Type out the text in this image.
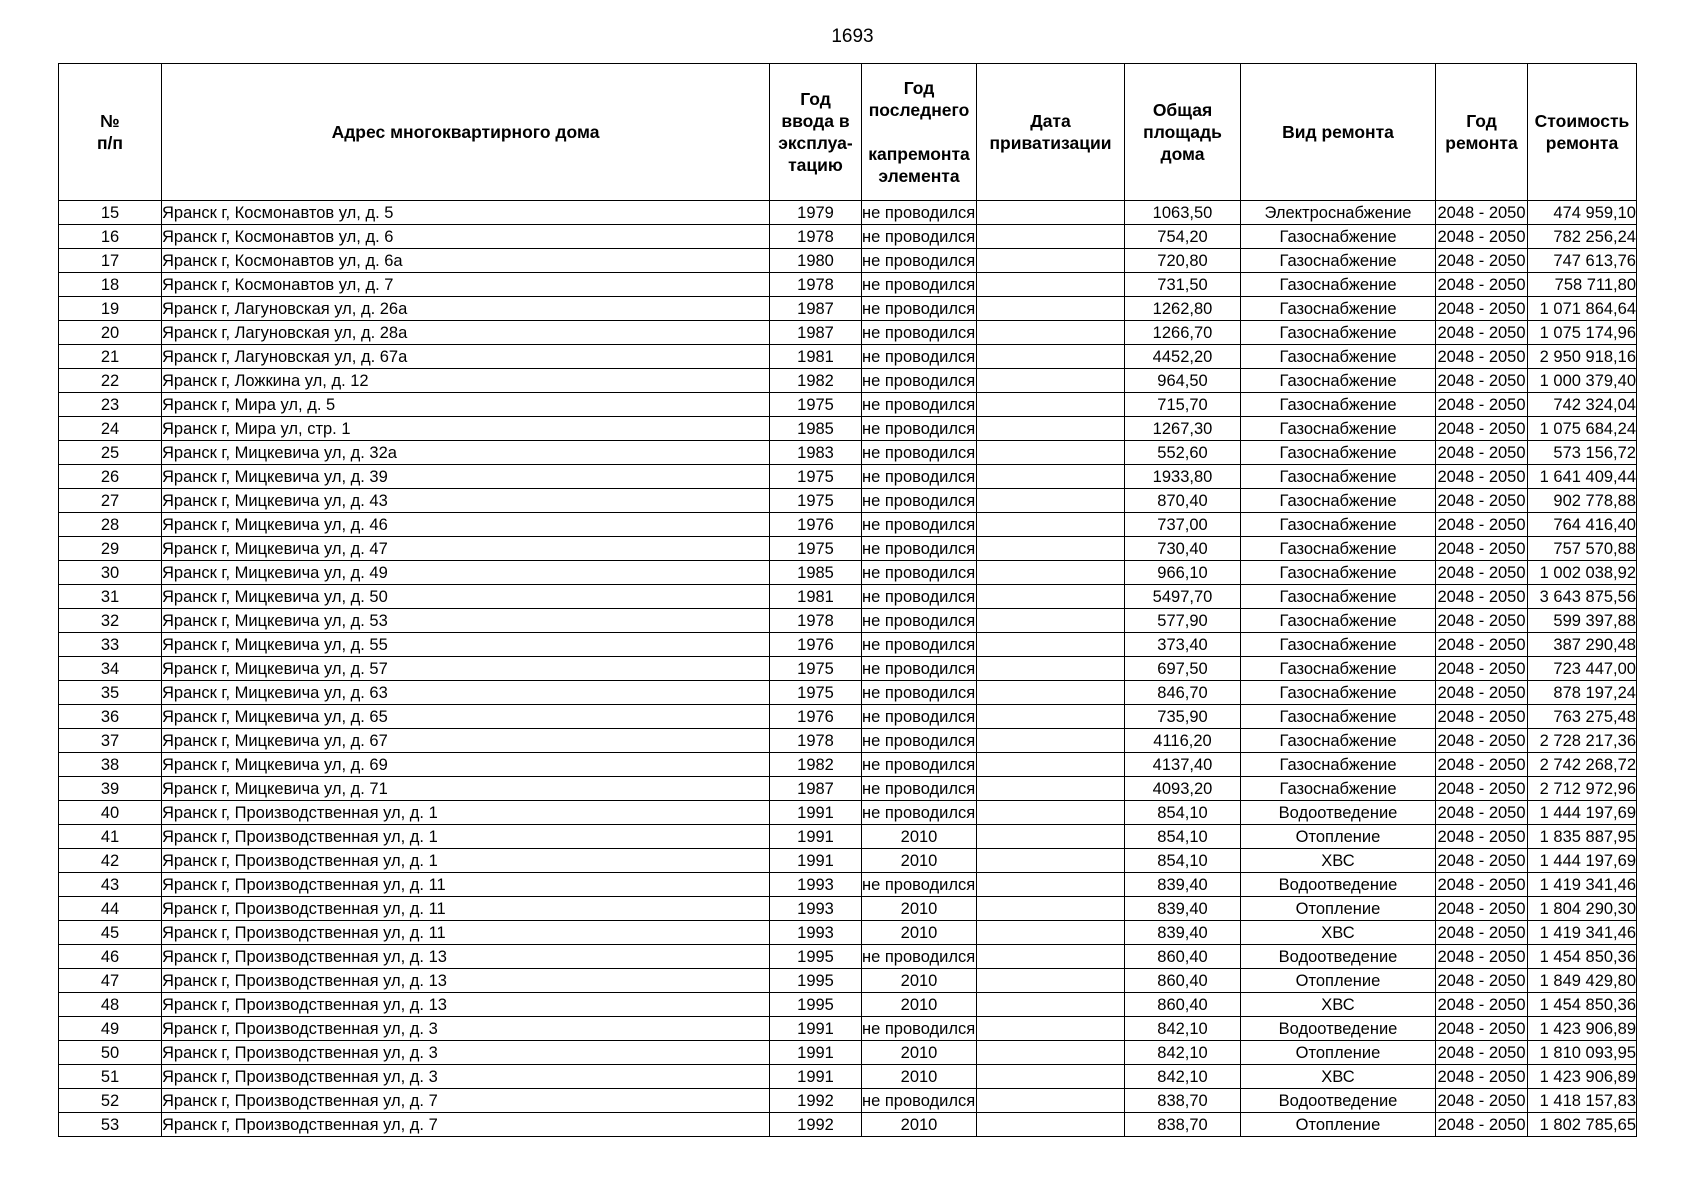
1693
№
п/п	Адрес многоквартирного дома	Год
ввода в
эксплуа-
тацию	Год
последнего

капремонта
элемента	Дата
приватизации	Общая
площадь
дома	Вид ремонта	Год
ремонта	Стоимость
ремонта
15	Яранск г, Космонавтов ул, д. 5	1979	не проводился		1063,50	Электроснабжение	2048 - 2050	474 959,10
16	Яранск г, Космонавтов ул, д. 6	1978	не проводился		754,20	Газоснабжение	2048 - 2050	782 256,24
17	Яранск г, Космонавтов ул, д. 6а	1980	не проводился		720,80	Газоснабжение	2048 - 2050	747 613,76
18	Яранск г, Космонавтов ул, д. 7	1978	не проводился		731,50	Газоснабжение	2048 - 2050	758 711,80
19	Яранск г, Лагуновская ул, д. 26а	1987	не проводился		1262,80	Газоснабжение	2048 - 2050	1 071 864,64
20	Яранск г, Лагуновская ул, д. 28а	1987	не проводился		1266,70	Газоснабжение	2048 - 2050	1 075 174,96
21	Яранск г, Лагуновская ул, д. 67а	1981	не проводился		4452,20	Газоснабжение	2048 - 2050	2 950 918,16
22	Яранск г, Ложкина ул, д. 12	1982	не проводился		964,50	Газоснабжение	2048 - 2050	1 000 379,40
23	Яранск г, Мира ул, д. 5	1975	не проводился		715,70	Газоснабжение	2048 - 2050	742 324,04
24	Яранск г, Мира ул, стр. 1	1985	не проводился		1267,30	Газоснабжение	2048 - 2050	1 075 684,24
25	Яранск г, Мицкевича ул, д. 32а	1983	не проводился		552,60	Газоснабжение	2048 - 2050	573 156,72
26	Яранск г, Мицкевича ул, д. 39	1975	не проводился		1933,80	Газоснабжение	2048 - 2050	1 641 409,44
27	Яранск г, Мицкевича ул, д. 43	1975	не проводился		870,40	Газоснабжение	2048 - 2050	902 778,88
28	Яранск г, Мицкевича ул, д. 46	1976	не проводился		737,00	Газоснабжение	2048 - 2050	764 416,40
29	Яранск г, Мицкевича ул, д. 47	1975	не проводился		730,40	Газоснабжение	2048 - 2050	757 570,88
30	Яранск г, Мицкевича ул, д. 49	1985	не проводился		966,10	Газоснабжение	2048 - 2050	1 002 038,92
31	Яранск г, Мицкевича ул, д. 50	1981	не проводился		5497,70	Газоснабжение	2048 - 2050	3 643 875,56
32	Яранск г, Мицкевича ул, д. 53	1978	не проводился		577,90	Газоснабжение	2048 - 2050	599 397,88
33	Яранск г, Мицкевича ул, д. 55	1976	не проводился		373,40	Газоснабжение	2048 - 2050	387 290,48
34	Яранск г, Мицкевича ул, д. 57	1975	не проводился		697,50	Газоснабжение	2048 - 2050	723 447,00
35	Яранск г, Мицкевича ул, д. 63	1975	не проводился		846,70	Газоснабжение	2048 - 2050	878 197,24
36	Яранск г, Мицкевича ул, д. 65	1976	не проводился		735,90	Газоснабжение	2048 - 2050	763 275,48
37	Яранск г, Мицкевича ул, д. 67	1978	не проводился		4116,20	Газоснабжение	2048 - 2050	2 728 217,36
38	Яранск г, Мицкевича ул, д. 69	1982	не проводился		4137,40	Газоснабжение	2048 - 2050	2 742 268,72
39	Яранск г, Мицкевича ул, д. 71	1987	не проводился		4093,20	Газоснабжение	2048 - 2050	2 712 972,96
40	Яранск г, Производственная ул, д. 1	1991	не проводился		854,10	Водоотведение	2048 - 2050	1 444 197,69
41	Яранск г, Производственная ул, д. 1	1991	2010		854,10	Отопление	2048 - 2050	1 835 887,95
42	Яранск г, Производственная ул, д. 1	1991	2010		854,10	ХВС	2048 - 2050	1 444 197,69
43	Яранск г, Производственная ул, д. 11	1993	не проводился		839,40	Водоотведение	2048 - 2050	1 419 341,46
44	Яранск г, Производственная ул, д. 11	1993	2010		839,40	Отопление	2048 - 2050	1 804 290,30
45	Яранск г, Производственная ул, д. 11	1993	2010		839,40	ХВС	2048 - 2050	1 419 341,46
46	Яранск г, Производственная ул, д. 13	1995	не проводился		860,40	Водоотведение	2048 - 2050	1 454 850,36
47	Яранск г, Производственная ул, д. 13	1995	2010		860,40	Отопление	2048 - 2050	1 849 429,80
48	Яранск г, Производственная ул, д. 13	1995	2010		860,40	ХВС	2048 - 2050	1 454 850,36
49	Яранск г, Производственная ул, д. 3	1991	не проводился		842,10	Водоотведение	2048 - 2050	1 423 906,89
50	Яранск г, Производственная ул, д. 3	1991	2010		842,10	Отопление	2048 - 2050	1 810 093,95
51	Яранск г, Производственная ул, д. 3	1991	2010		842,10	ХВС	2048 - 2050	1 423 906,89
52	Яранск г, Производственная ул, д. 7	1992	не проводился		838,70	Водоотведение	2048 - 2050	1 418 157,83
53	Яранск г, Производственная ул, д. 7	1992	2010		838,70	Отопление	2048 - 2050	1 802 785,65
